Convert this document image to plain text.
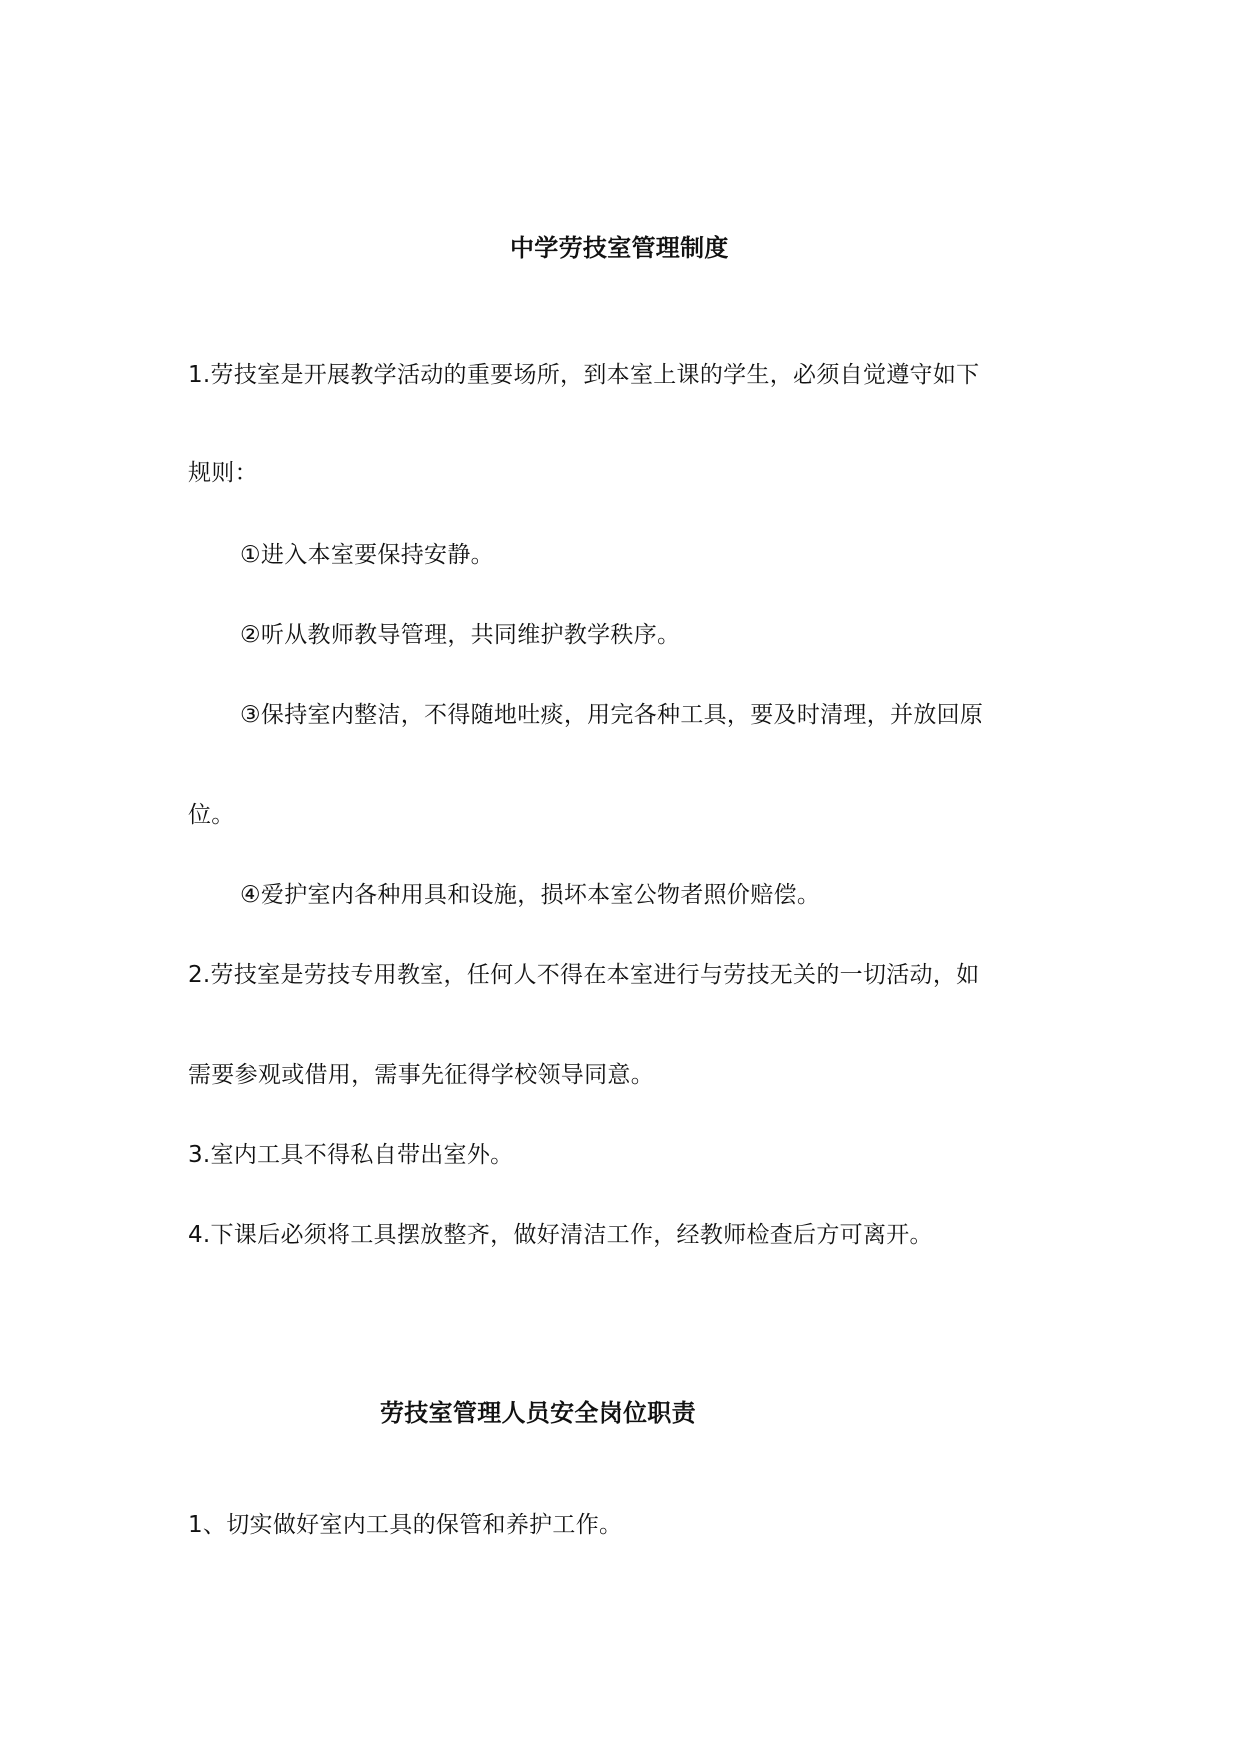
中学劳技室管理制度
1.劳技室是开展教学活动的重要场所，到本室上课的学生，必须自觉遵守如下
规则：
①进入本室要保持安静。
②听从教师教导管理，共同维护教学秩序。
③保持室内整洁，不得随地吐痰，用完各种工具，要及时清理，并放回原
位。
④爱护室内各种用具和设施，损坏本室公物者照价赔偿。
2.劳技室是劳技专用教室，任何人不得在本室进行与劳技无关的一切活动，如
需要参观或借用，需事先征得学校领导同意。
3.室内工具不得私自带出室外。
4.下课后必须将工具摆放整齐，做好清洁工作，经教师检查后方可离开。
劳技室管理人员安全岗位职责
1、切实做好室内工具的保管和养护工作。
